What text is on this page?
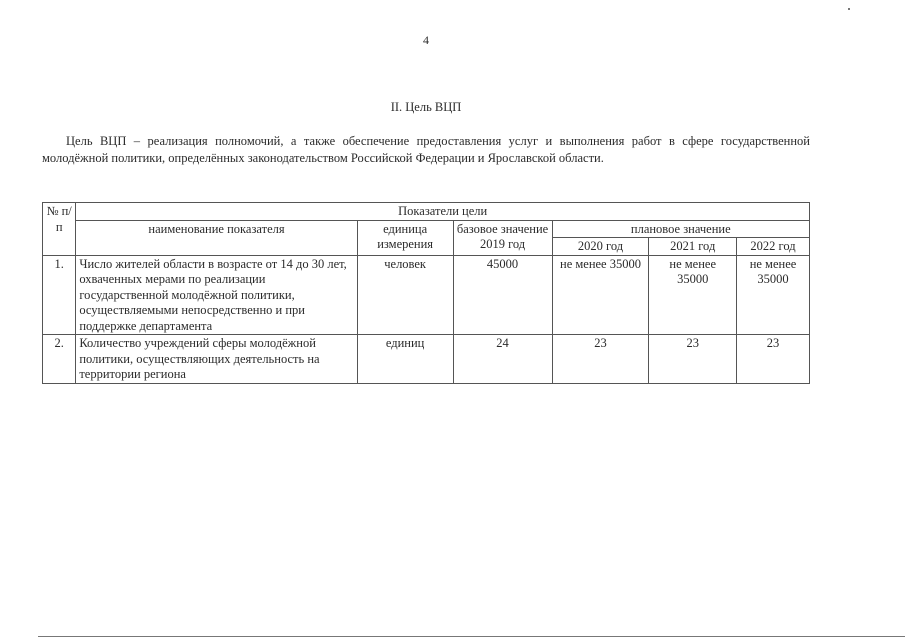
4
II. Цель ВЦП

Цель ВЦП – реализация полномочий, а также обеспечение предоставления услуг и выполнения работ в сфере государственной молодёжной политики, определённых законодательством Российской Федерации и Ярославской области.

№ п/п	Показатели цели					
	наименование показателя	единица измерения	базовое значение 2019 год	плановое значение		
				2020 год	2021 год	2022 год
1.	Число жителей области в возрасте от 14 до 30 лет, охваченных мерами по реализации государственной молодёжной политики, осуществляемыми непосредственно и при поддержке департамента	человек	45000	не менее 35000	не менее 35000	не менее 35000
2.	Количество учреждений сферы молодёжной политики, осуществляющих деятельность на территории региона	единиц	24	23	23	23
